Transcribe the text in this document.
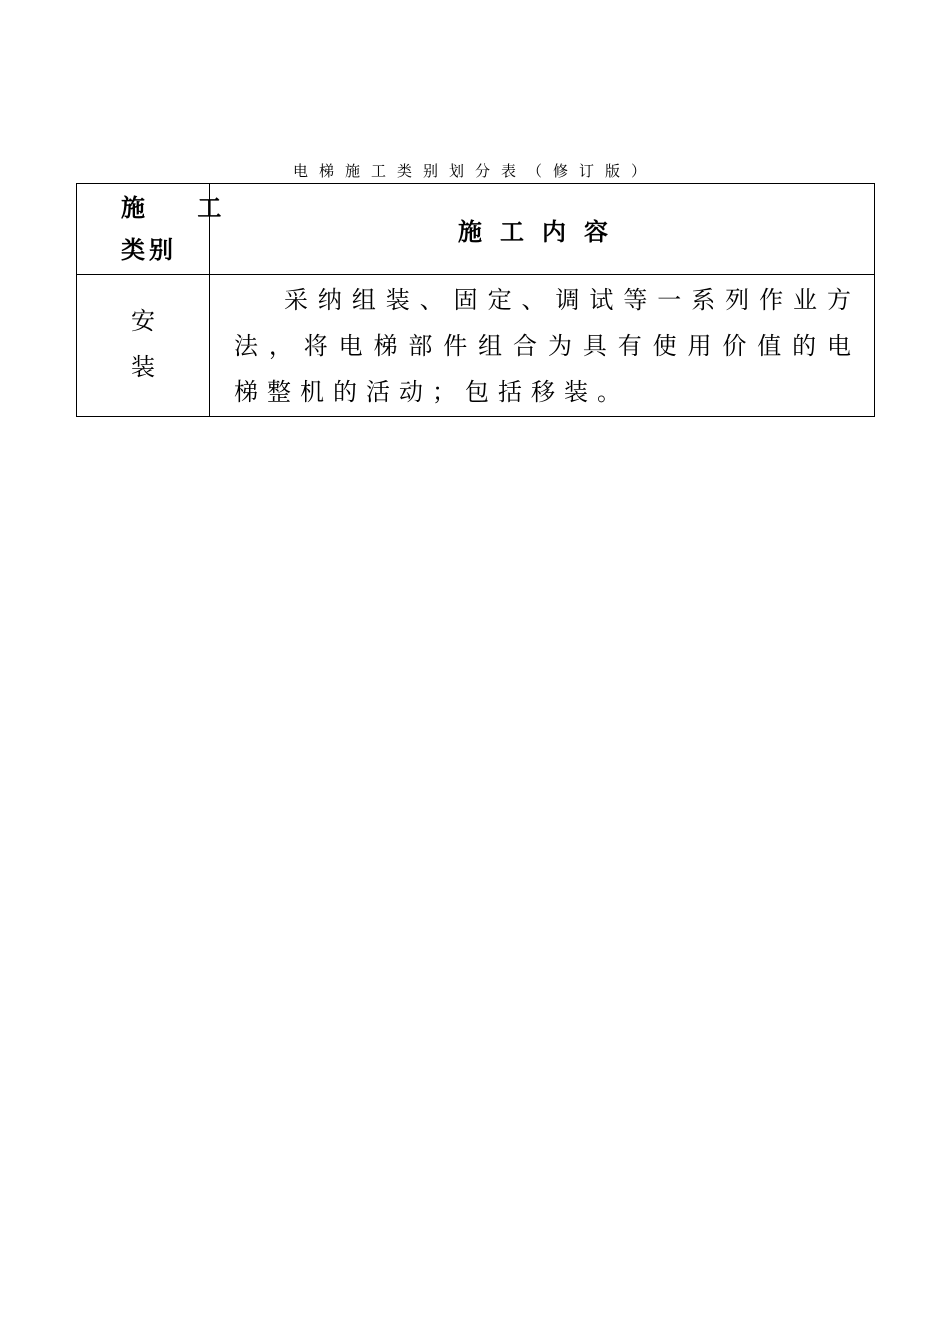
电梯施工类别划分表（修订版）
施 工
类别	施工内容

安
装	采纳组装、固定、调试等一系列作业方法，将电梯部件组合为具有使用价值的电梯整机的活动；包括移装。
